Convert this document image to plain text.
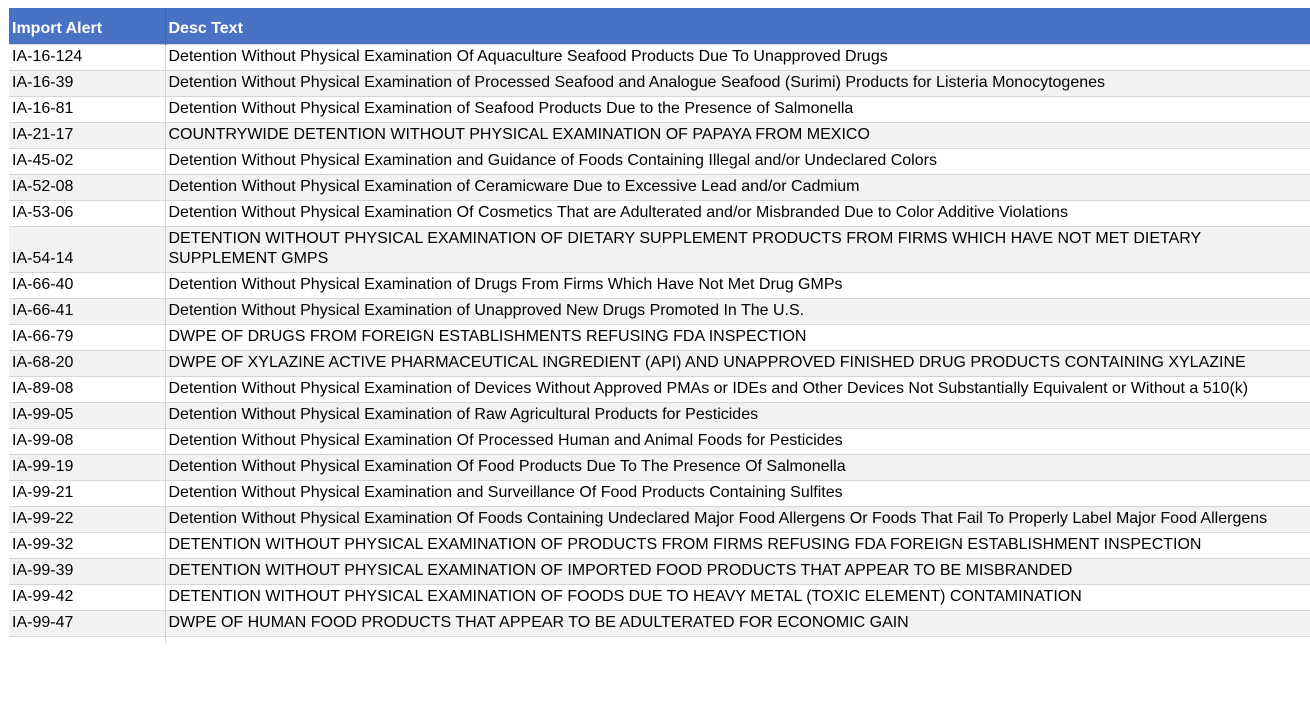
Import Alert	Desc Text
IA-16-124	Detention Without Physical Examination Of Aquaculture Seafood Products Due To Unapproved Drugs
IA-16-39	Detention Without Physical Examination of Processed Seafood and Analogue Seafood (Surimi) Products for Listeria Monocytogenes
IA-16-81	Detention Without Physical Examination of Seafood Products Due to the Presence of Salmonella
IA-21-17	COUNTRYWIDE DETENTION WITHOUT PHYSICAL EXAMINATION OF PAPAYA FROM MEXICO
IA-45-02	Detention Without Physical Examination and Guidance of Foods Containing Illegal and/or Undeclared Colors
IA-52-08	Detention Without Physical Examination of Ceramicware Due to Excessive Lead and/or Cadmium
IA-53-06	Detention Without Physical Examination Of Cosmetics That are Adulterated and/or Misbranded Due to Color Additive Violations
IA-54-14	DETENTION WITHOUT PHYSICAL EXAMINATION OF DIETARY SUPPLEMENT PRODUCTS FROM FIRMS WHICH HAVE NOT MET DIETARY SUPPLEMENT GMPS
IA-66-40	Detention Without Physical Examination of Drugs From Firms Which Have Not Met Drug GMPs
IA-66-41	Detention Without Physical Examination of Unapproved New Drugs Promoted In The U.S.
IA-66-79	DWPE OF DRUGS FROM FOREIGN ESTABLISHMENTS REFUSING FDA INSPECTION
IA-68-20	DWPE OF XYLAZINE ACTIVE PHARMACEUTICAL INGREDIENT (API) AND UNAPPROVED FINISHED DRUG PRODUCTS CONTAINING XYLAZINE
IA-89-08	Detention Without Physical Examination of Devices Without Approved PMAs or IDEs and Other Devices Not Substantially Equivalent or Without a 510(k)
IA-99-05	Detention Without Physical Examination of Raw Agricultural Products for Pesticides
IA-99-08	Detention Without Physical Examination Of Processed Human and Animal Foods for Pesticides
IA-99-19	Detention Without Physical Examination Of Food Products Due To The Presence Of Salmonella
IA-99-21	Detention Without Physical Examination and Surveillance Of Food Products Containing Sulfites
IA-99-22	Detention Without Physical Examination Of Foods Containing Undeclared Major Food Allergens Or Foods That Fail To Properly Label Major Food Allergens
IA-99-32	DETENTION WITHOUT PHYSICAL EXAMINATION OF PRODUCTS FROM FIRMS REFUSING FDA FOREIGN ESTABLISHMENT INSPECTION
IA-99-39	DETENTION WITHOUT PHYSICAL EXAMINATION OF IMPORTED FOOD PRODUCTS THAT APPEAR TO BE MISBRANDED
IA-99-42	DETENTION WITHOUT PHYSICAL EXAMINATION OF FOODS DUE TO HEAVY METAL (TOXIC ELEMENT) CONTAMINATION
IA-99-47	DWPE OF HUMAN FOOD PRODUCTS THAT APPEAR TO BE ADULTERATED FOR ECONOMIC GAIN
